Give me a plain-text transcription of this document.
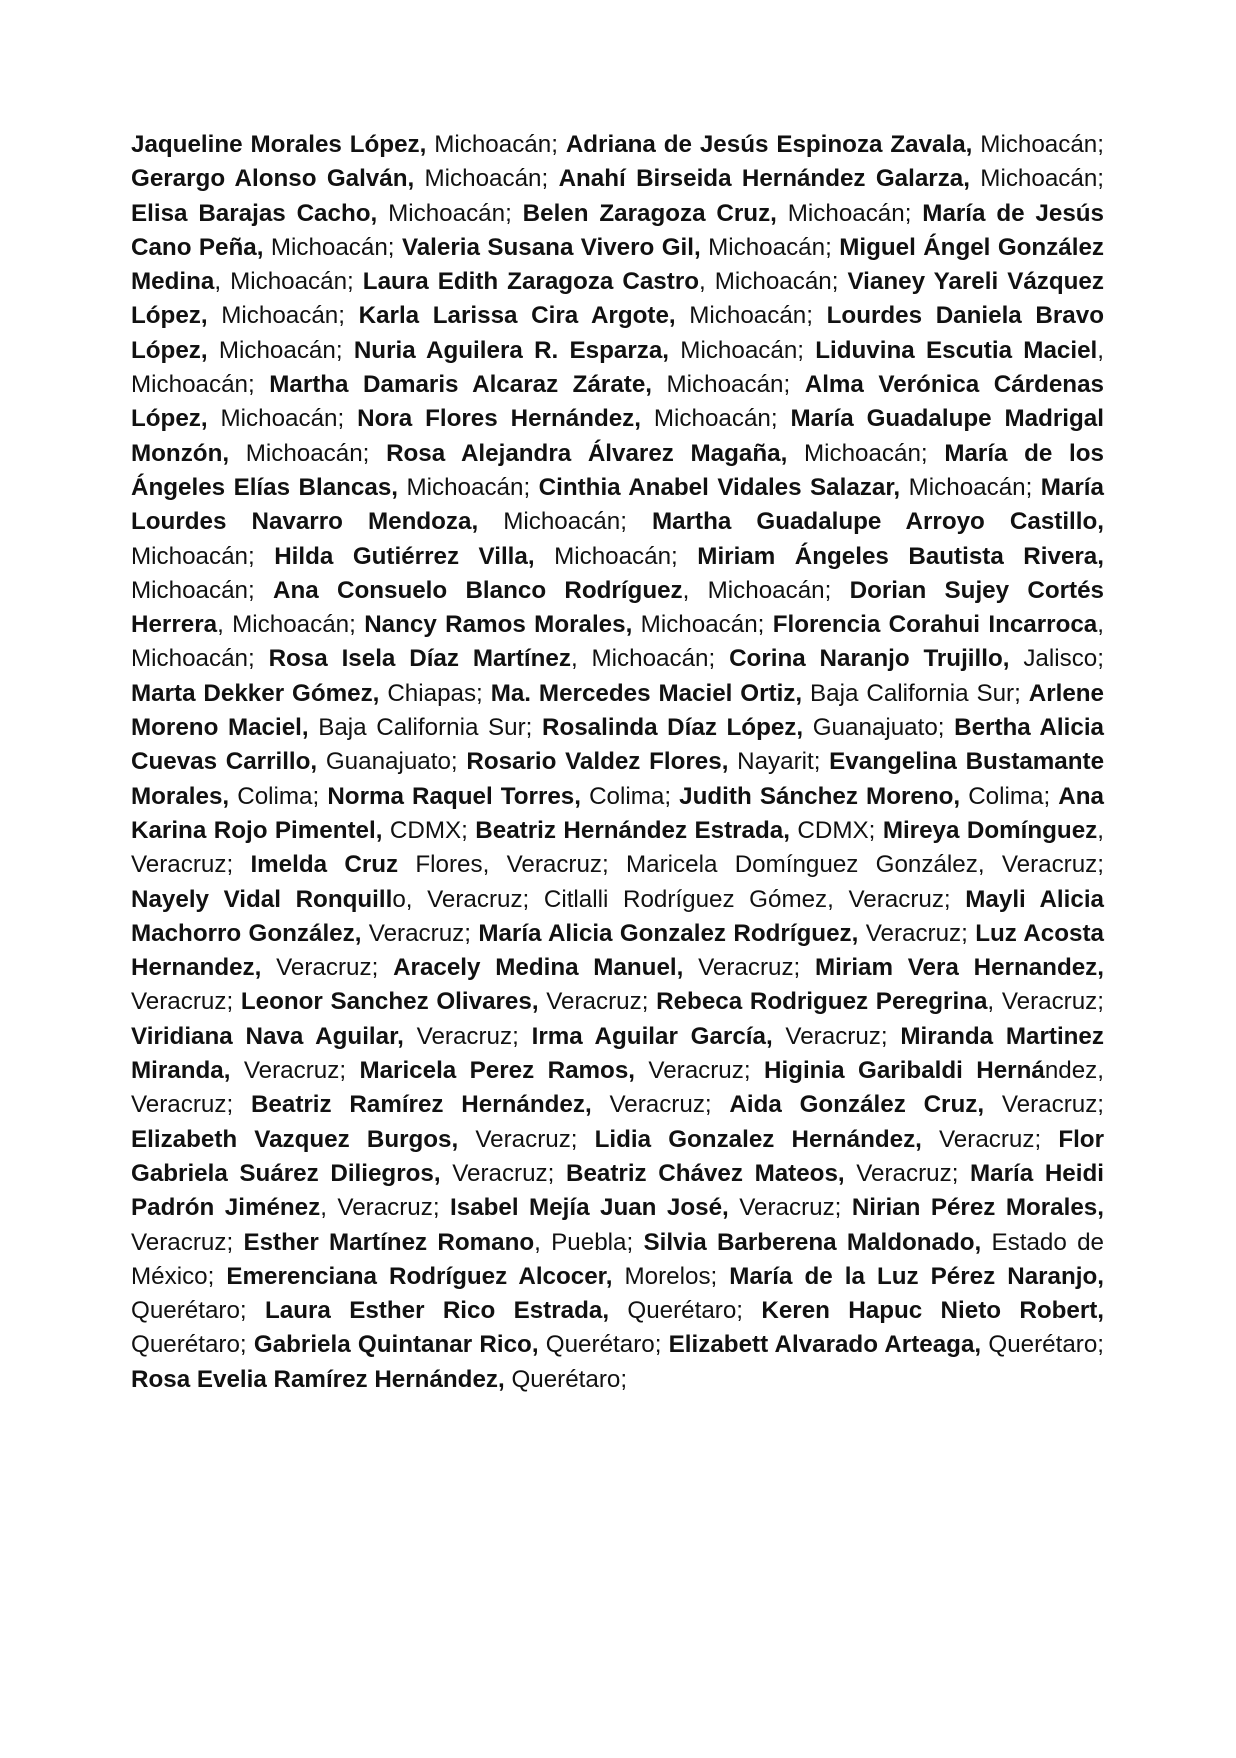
Jaqueline Morales López, Michoacán; Adriana de Jesús Espinoza Zavala, Michoacán; Gerargo Alonso Galván, Michoacán; Anahí Birseida Hernández Galarza, Michoacán; Elisa Barajas Cacho, Michoacán; Belen Zaragoza Cruz, Michoacán; María de Jesús Cano Peña, Michoacán; Valeria Susana Vivero Gil, Michoacán; Miguel Ángel González Medina, Michoacán; Laura Edith Zaragoza Castro, Michoacán; Vianey Yareli Vázquez López, Michoacán; Karla Larissa Cira Argote, Michoacán; Lourdes Daniela Bravo López, Michoacán; Nuria Aguilera R. Esparza, Michoacán; Liduvina Escutia Maciel, Michoacán; Martha Damaris Alcaraz Zárate, Michoacán; Alma Verónica Cárdenas López, Michoacán; Nora Flores Hernández, Michoacán; María Guadalupe Madrigal Monzón, Michoacán; Rosa Alejandra Álvarez Magaña, Michoacán; María de los Ángeles Elías Blancas, Michoacán; Cinthia Anabel Vidales Salazar, Michoacán; María Lourdes Navarro Mendoza, Michoacán; Martha Guadalupe Arroyo Castillo, Michoacán; Hilda Gutiérrez Villa, Michoacán; Miriam Ángeles Bautista Rivera, Michoacán; Ana Consuelo Blanco Rodríguez, Michoacán; Dorian Sujey Cortés Herrera, Michoacán; Nancy Ramos Morales, Michoacán; Florencia Corahui Incarroca, Michoacán; Rosa Isela Díaz Martínez, Michoacán; Corina Naranjo Trujillo, Jalisco; Marta Dekker Gómez, Chiapas; Ma. Mercedes Maciel Ortiz, Baja California Sur; Arlene Moreno Maciel, Baja California Sur; Rosalinda Díaz López, Guanajuato; Bertha Alicia Cuevas Carrillo, Guanajuato; Rosario Valdez Flores, Nayarit; Evangelina Bustamante Morales, Colima; Norma Raquel Torres, Colima; Judith Sánchez Moreno, Colima; Ana Karina Rojo Pimentel, CDMX; Beatriz Hernández Estrada, CDMX; Mireya Domínguez, Veracruz; Imelda Cruz Flores, Veracruz; Maricela Domínguez González, Veracruz; Nayely Vidal Ronquillo, Veracruz; Citlalli Rodríguez Gómez, Veracruz; Mayli Alicia Machorro González, Veracruz; María Alicia Gonzalez Rodríguez, Veracruz; Luz Acosta Hernandez, Veracruz; Aracely Medina Manuel, Veracruz; Miriam Vera Hernandez, Veracruz; Leonor Sanchez Olivares, Veracruz; Rebeca Rodriguez Peregrina, Veracruz; Viridiana Nava Aguilar, Veracruz; Irma Aguilar García, Veracruz; Miranda Martinez Miranda, Veracruz; Maricela Perez Ramos, Veracruz; Higinia Garibaldi Hernández, Veracruz; Beatriz Ramírez Hernández, Veracruz; Aida González Cruz, Veracruz; Elizabeth Vazquez Burgos, Veracruz; Lidia Gonzalez Hernández, Veracruz; Flor Gabriela Suárez Diliegros, Veracruz; Beatriz Chávez Mateos, Veracruz; María Heidi Padrón Jiménez, Veracruz; Isabel Mejía Juan José, Veracruz; Nirian Pérez Morales, Veracruz; Esther Martínez Romano, Puebla; Silvia Barberena Maldonado, Estado de México; Emerenciana Rodríguez Alcocer, Morelos; María de la Luz Pérez Naranjo, Querétaro; Laura Esther Rico Estrada, Querétaro; Keren Hapuc Nieto Robert, Querétaro; Gabriela Quintanar Rico, Querétaro; Elizabett Alvarado Arteaga, Querétaro; Rosa Evelia Ramírez Hernández, Querétaro;
